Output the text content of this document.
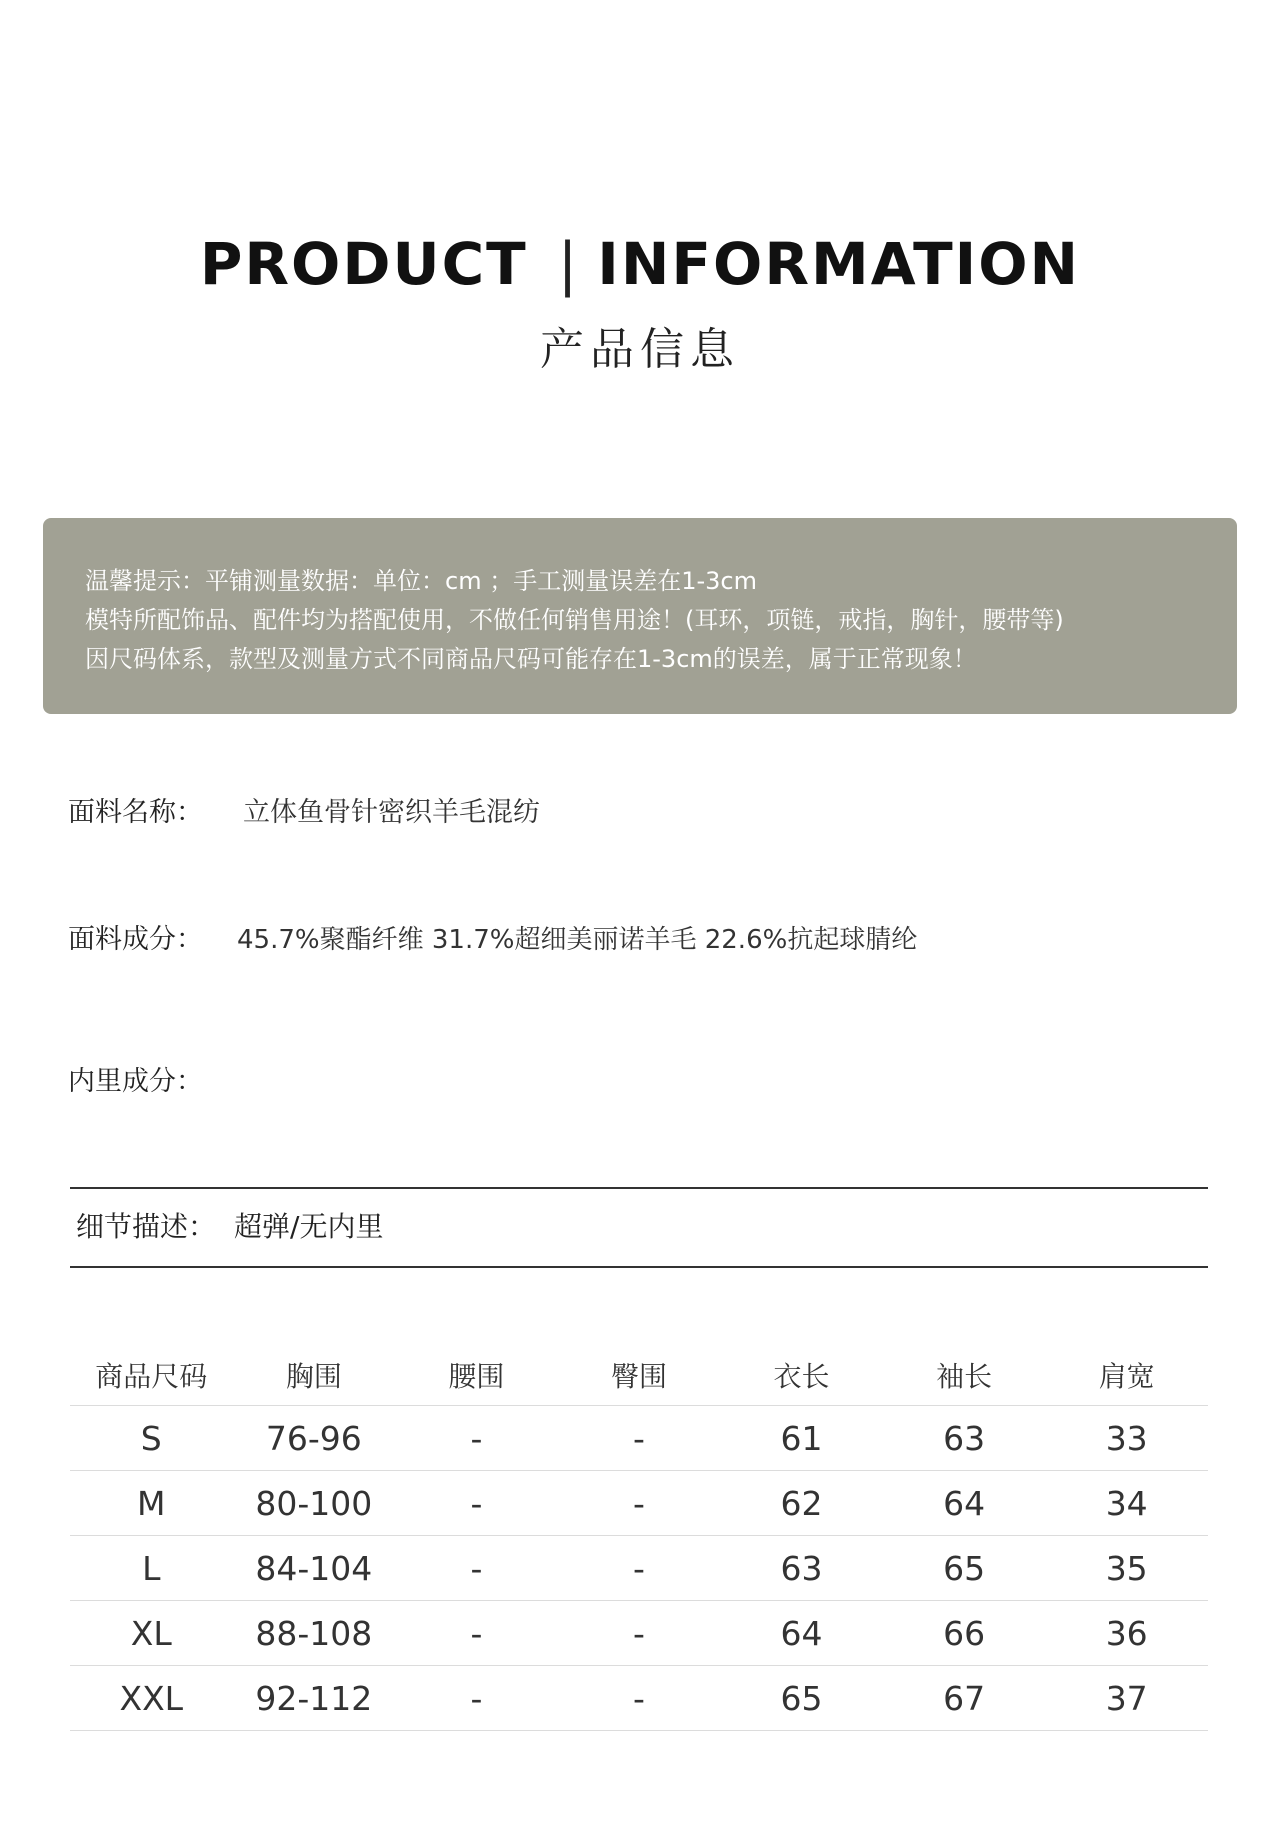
PRODUCT | INFORMATION
产品信息
温馨提示：平铺测量数据：单位：cm ；手工测量误差在1-3cm
模特所配饰品、配件均为搭配使用，不做任何销售用途！(耳环，项链，戒指，胸针，腰带等)
因尺码体系，款型及测量方式不同商品尺码可能存在1-3cm的误差，属于正常现象！
面料名称： 立体鱼骨针密织羊毛混纺
面料成分： 45.7%聚酯纤维 31.7%超细美丽诺羊毛 22.6%抗起球腈纶
内里成分：
细节描述： 超弹/无内里
商品尺码	胸围	腰围	臀围	衣长	袖长	肩宽
S	76-96	-	-	61	63	33
M	80-100	-	-	62	64	34
L	84-104	-	-	63	65	35
XL	88-108	-	-	64	66	36
XXL	92-112	-	-	65	67	37
